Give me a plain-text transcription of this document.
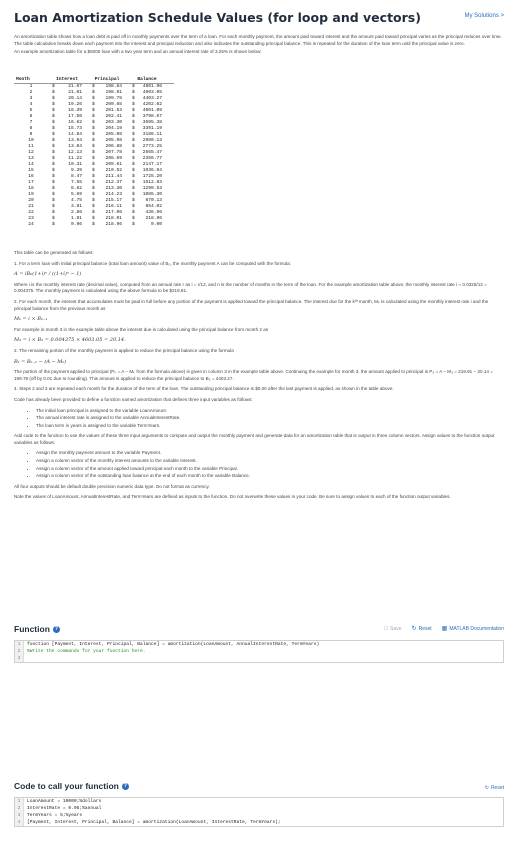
Loan Amortization Schedule Values (for loop and vectors)	My Solutions >

An amortization table shows how a loan debt is paid off in monthly payments over the term of a loan. For each monthly payment, the amount paid toward interest and the amount paid toward principal varies as the principal reduces over time. The table calculation breaks down each payment into the interest and principal reduction and also indicates the outstanding principal balance. This is repeated for the duration of the loan term until the principal value is zero.

An example amortization table for a $5000 loan with a two year term and an annual interest rate of 3.25% is shown below:

Month	Interest	Principal	Balance
1	$	21.67 $ 198.84 $ 4801.96
2	$	21.01 $ 198.91 $ 4603.05
3	$	20.14 $ 199.78 $ 4403.27
4	$	19.26 $ 200.65 $ 4202.62
5	$	18.39 $ 201.53 $ 4001.09
6	$	17.50 $ 202.41 $ 3798.67
7	$	16.62 $ 203.30 $ 3595.38
8	$	15.73 $ 204.19 $ 3391.19
9	$	14.84 $ 205.08 $ 3186.11
10	$	13.94 $ 205.98 $ 2980.13
11	$	13.04 $ 206.88 $ 2773.25
12	$	12.13 $ 207.78 $ 2565.47
13	$	11.22 $ 208.69 $ 2356.77
14	$	10.31 $ 209.61 $ 2147.17
15	$	9.39 $ 210.52 $ 1936.64
16	$	8.47 $ 211.44 $ 1725.20
17	$	7.55 $ 212.37 $ 1512.83
18	$	6.62 $ 213.30 $ 1299.53
19	$	5.69 $ 214.23 $ 1085.30
20	$	4.75 $ 215.17 $ 870.13
21	$	3.81 $ 216.11 $ 654.02
22	$	2.86 $ 217.06 $ 436.96
23	$	1.91 $ 218.01 $ 218.96
24	$	0.96 $ 218.96 $	0.00

This table can be generated as follows:

1. For a term loan with initial principal balance (total loan amount) value of B₀, the monthly payment A can be computed with the formula:

A = iB₀(1+i)ⁿ / ((1+i)ⁿ − 1)

Where i is the monthly interest rate (decimal value), computed from an annual rate r as i = r/12, and n is the number of months in the term of the loan. For the example amortization table above, the monthly interest rate i = 0.0325/12 = 0.004375. The monthly payment is calculated using the above formula to be $219.91.

2. For each month, the interest that accumulates must be paid in full before any portion of the payment is applied toward the principal balance. The interest due for the kᵗʰ month, Mₖ is calculated using the monthly interest rate i and the principal balance from the previous month as

Mₖ = i × Bₖ₋₁

For example in month 3 in the example table above the interest due is calculated using the principal balance from month 2 as

M₃ = i × B₂ = 0.004375 × 4603.05 = 20.14.

2. The remaining portion of the monthly payment is applied to reduce the principal balance using the formula

Bₖ = Bₖ₋₁ − (A − Mₖ)

The portion of the payment applied to principal (Pₖ = A − Mₖ from the formula above) is given in column 3 in the example table above. Continuing the example for month 3, the amount applied to principal is P₃ = A − M₃ = 219.91 − 20.14 = 199.78 (off by 0.01 due to rounding). This amount is applied to reduce the principal balance to B₃ = 4403.27.

4. Steps 2 and 3 are repeated each month for the duration of the term of the loan. The outstanding principal balance is $0.00 after the last payment is applied, as shown in the table above.

Code has already been provided to define a function named amortization that defines three input variables as follows:

• The initial loan principal is assigned to the variable LoanAmount.
• The annual interest rate is assigned to the variable AnnualInterestRate.
• The loan term in years is assigned to the variable TermYears.

Add code to the function to use the values of these three input arguments to compute and output the monthly payment and generate data for an amortization table that is output in three column vectors. Assign values to the function output variables as follows:

• Assign the monthly payment amount to the variable Payment.
• Assign a column vector of the monthly interest amounts to the variable Interest.
• Assign a column vector of the amount applied toward principal each month to the variable Principal.
• Assign a column vector of the outstanding loan balance at the end of each month to the variable Balance.

All four outputs should be default double precision numeric data type. Do not format as currency.

Note the values of LoanAmount, AnnualInterestRate, and TermYears are defined as inputs to the function. Do not overwrite these values in your code. Be sure to assign values to each of the function output variables.

Function ?	□ Save ↻ Reset ▦ MATLAB Documentation
1	function [Payment, Interest, Principal, Balance] = amortization(LoanAmount, AnnualInterestRate, TermYears)
2	%Write the commands for your function here.
3
Code to call your function ?	↻ Reset
1	LoanAmount = 10000;%dollars
2	InterestRate = 0.05;%annual
3	TermYears = 5;%years
4	[Payment, Interest, Principal, Balance] = amortization(LoanAmount, InterestRate, TermYears);
